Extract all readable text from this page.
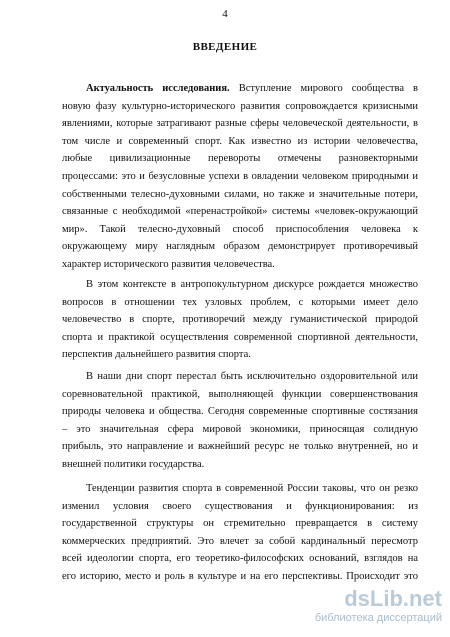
4
ВВЕДЕНИЕ
Актуальность исследования. Вступление мирового сообщества в
новую фазу культурно-исторического развития сопровождается кризисными
явлениями, которые затрагивают разные сферы человеческой деятельности, в
том числе и современный спорт. Как известно из истории человечества,
любые цивилизационные перевороты отмечены разновекторными
процессами: это и безусловные успехи в овладении человеком природными и
собственными телесно-духовными силами, но также и значительные потери,
связанные с необходимой «перенастройкой» системы «человек-окружающий
мир». Такой телесно-духовный способ приспособления человека к
окружающему миру наглядным образом демонстрирует противоречивый
характер исторического развития человечества.
В этом контексте в антропокультурном дискурсе рождается множество
вопросов в отношении тех узловых проблем, с которыми имеет дело
человечество в спорте, противоречий между гуманистической природой
спорта и практикой осуществления современной спортивной деятельности,
перспектив дальнейшего развития спорта.
В наши дни спорт перестал быть исключительно оздоровительной или
соревновательной практикой, выполняющей функции совершенствования
природы человека и общества. Сегодня современные спортивные состязания
– это значительная сфера мировой экономики, приносящая солидную
прибыль, это направление и важнейший ресурс не только внутренней, но и
внешней политики государства.
Тенденции развития спорта в современной России таковы, что он резко
изменил условия своего существования и функционирования: из
государственной структуры он стремительно превращается в систему
коммерческих предприятий. Это влечет за собой кардинальный пересмотр
всей идеологии спорта, его теоретико-философских оснований, взглядов на
его историю, место и роль в культуре и на его перспективы. Происходит это
dsLib.net
библиотека диссертаций
